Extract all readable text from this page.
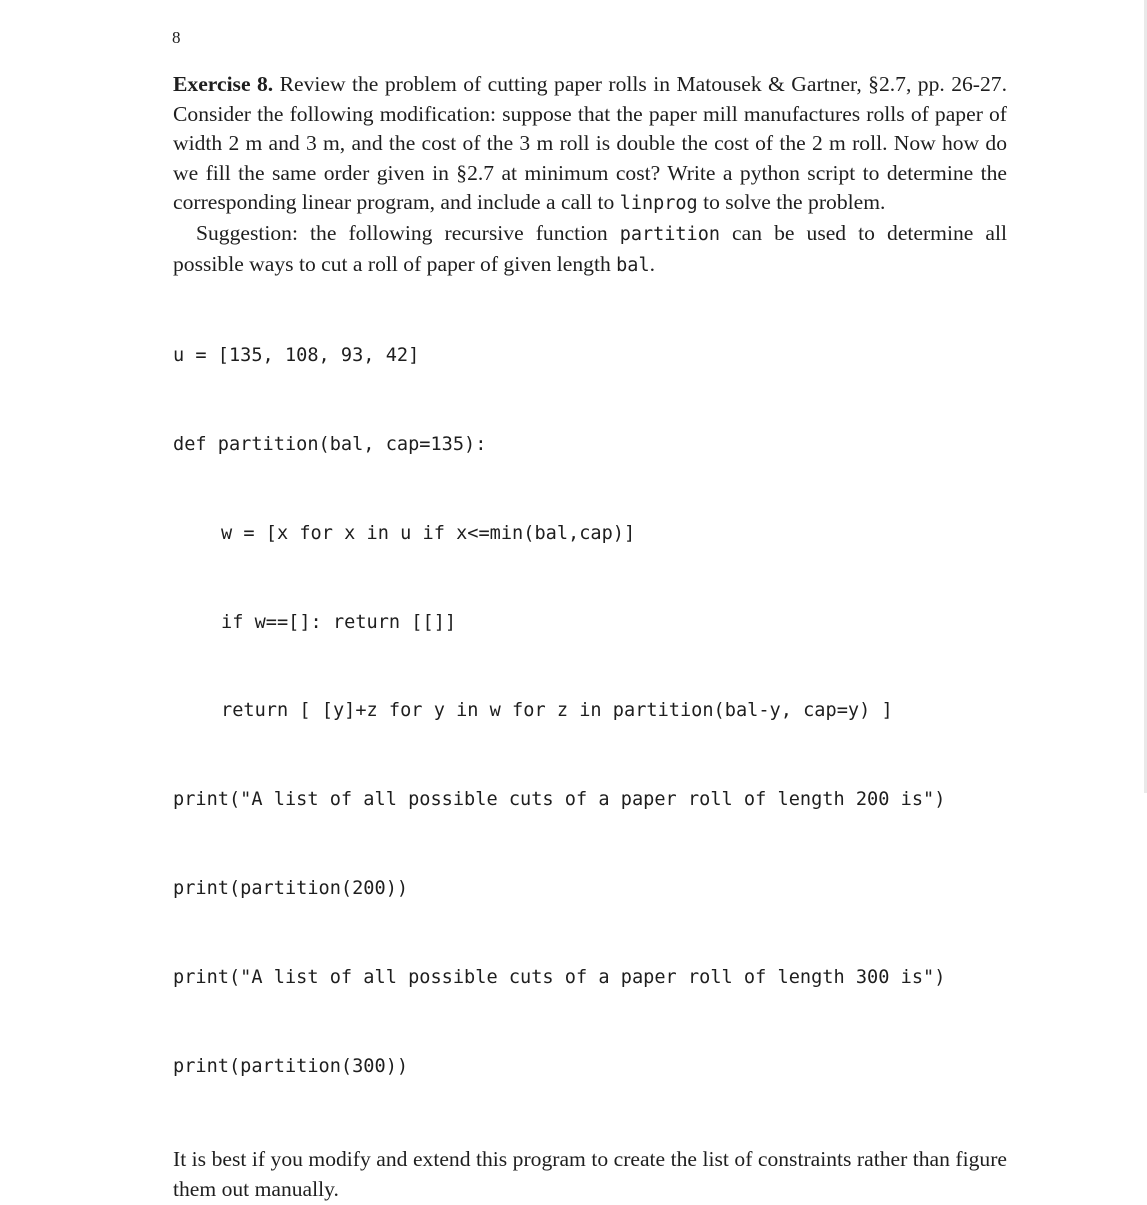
8

Exercise 8. Review the problem of cutting paper rolls in Matousek & Gartner, §2.7, pp. 26-27. Consider the following modification: suppose that the paper mill manufactures rolls of paper of width 2 m and 3 m, and the cost of the 3 m roll is double the cost of the 2 m roll. Now how do we fill the same order given in §2.7 at minimum cost? Write a python script to determine the corresponding linear program, and include a call to linprog to solve the problem.

Suggestion: the following recursive function partition can be used to determine all possible ways to cut a roll of paper of given length bal.

u = [135, 108, 93, 42]

def partition(bal, cap=135):

w = [x for x in u if x<=min(bal,cap)]

if w==[]: return [[]]

return [ [y]+z for y in w for z in partition(bal-y, cap=y) ]

print("A list of all possible cuts of a paper roll of length 200 is")

print(partition(200))

print("A list of all possible cuts of a paper roll of length 300 is")

print(partition(300))

It is best if you modify and extend this program to create the list of constraints rather than figure them out manually.
